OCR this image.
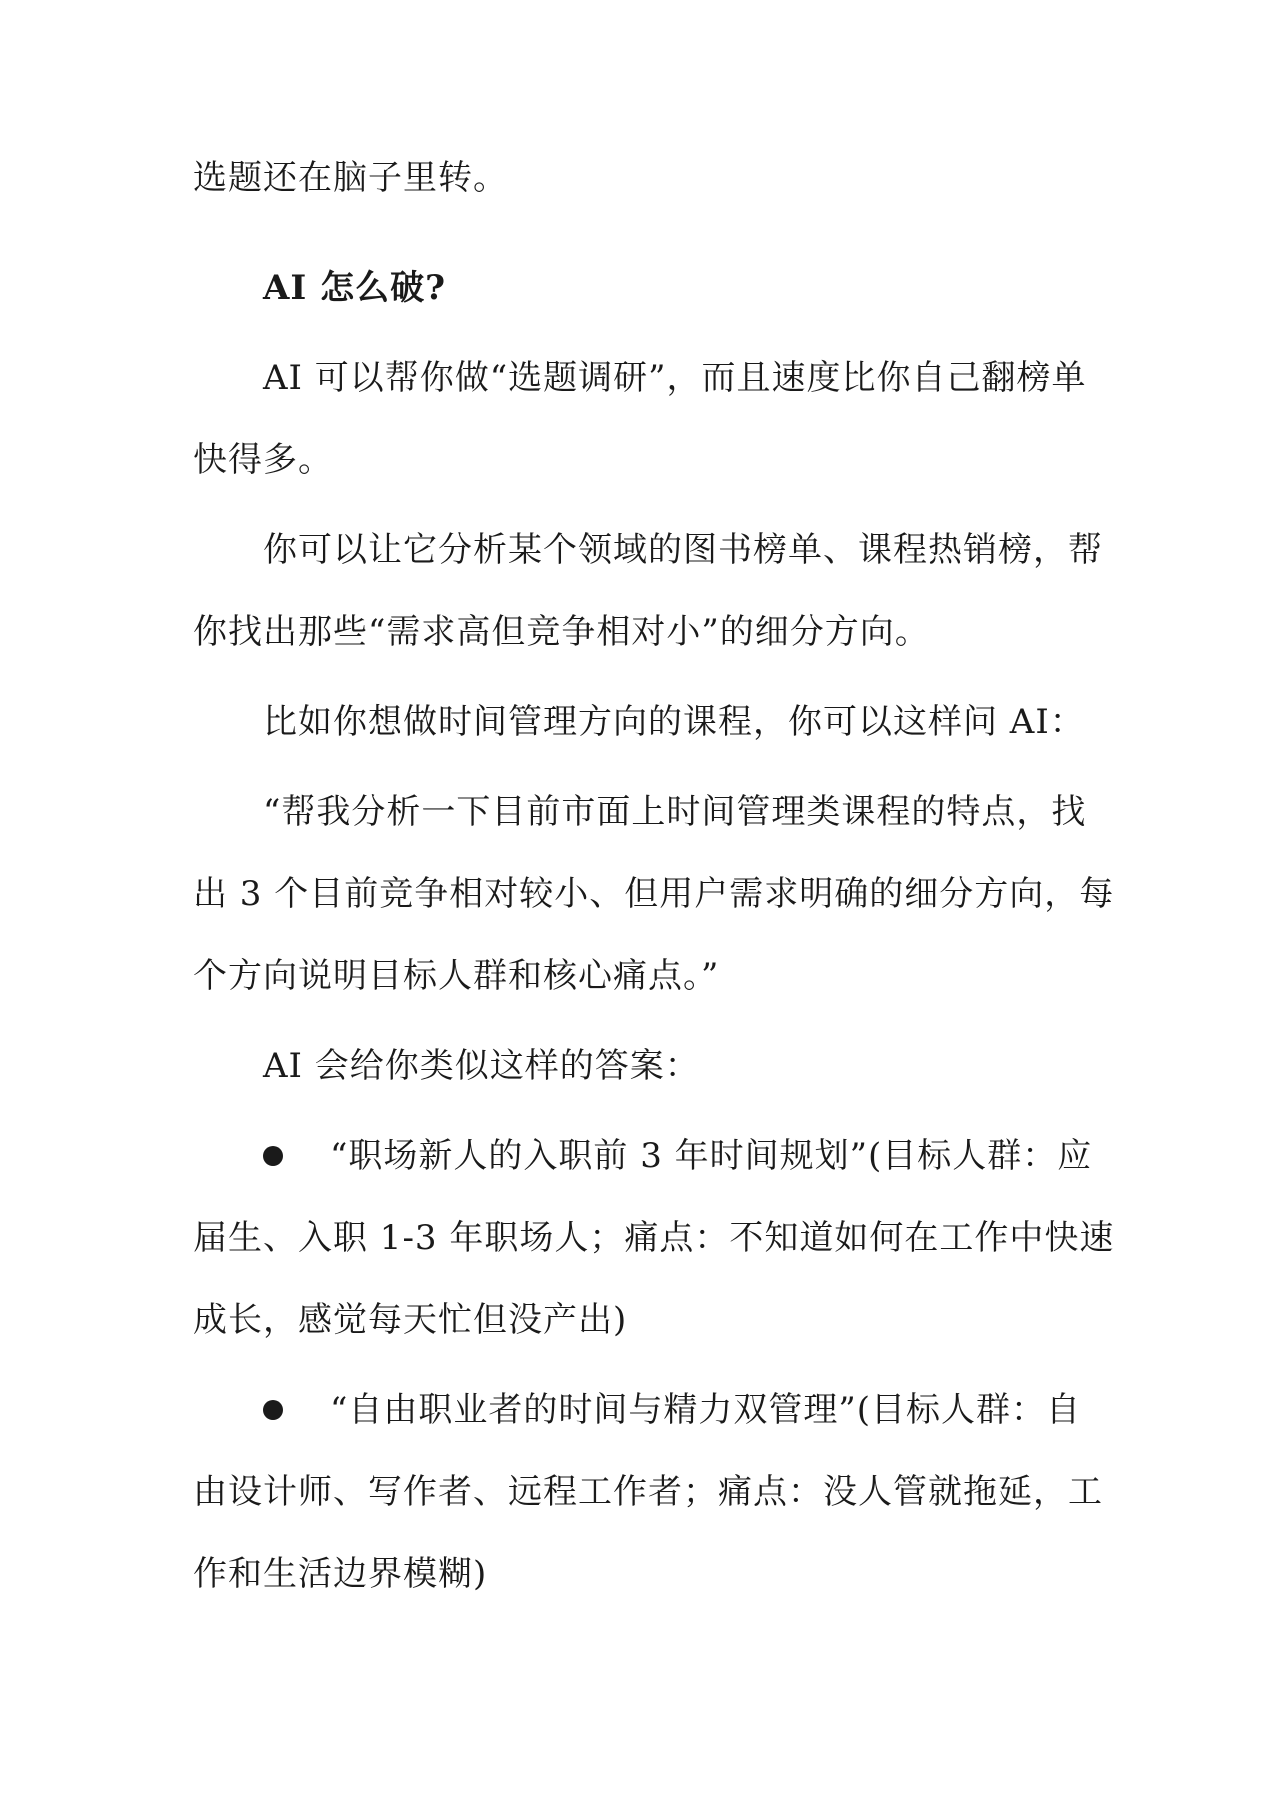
选题还在脑子里转。
AI 怎么破?
AI 可以帮你做“选题调研”，而且速度比你自己翻榜单
快得多。
你可以让它分析某个领域的图书榜单、课程热销榜，帮
你找出那些“需求高但竞争相对小”的细分方向。
比如你想做时间管理方向的课程，你可以这样问 AI：
“帮我分析一下目前市面上时间管理类课程的特点，找
出 3 个目前竞争相对较小、但用户需求明确的细分方向，每
个方向说明目标人群和核心痛点。”
AI 会给你类似这样的答案：
“职场新人的入职前 3 年时间规划”(目标人群：应
届生、入职 1-3 年职场人；痛点：不知道如何在工作中快速
成长，感觉每天忙但没产出)
“自由职业者的时间与精力双管理”(目标人群：自
由设计师、写作者、远程工作者；痛点：没人管就拖延，工
作和生活边界模糊)
